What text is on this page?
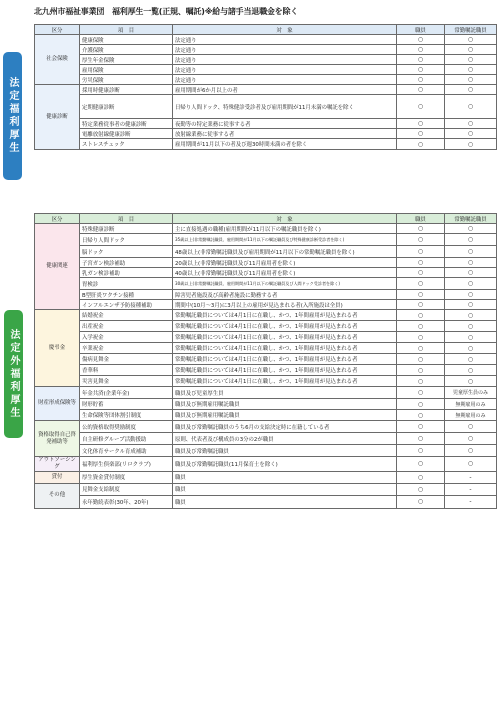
北九州市福祉事業団　福利厚生一覧(正規、嘱託)※給与諸手当退職金を除く
法定福利厚生
法定外福利厚生
区分	項　目	対　象	職員	常勤嘱託職員
社会保険	健康保険	法定通り	○	○
	介護保険	法定通り	○	○
	厚生年金保険	法定通り	○	○
	雇用保険	法定通り	○	○
	労災保険	法定通り	○	○
健康診断	採用時健康診断	雇用期間が6か月以上の者	○	○
	定期健康診断	日帰り人間ドック、特殊健診受診者及び雇用期間が11月未満の嘱託を除く	○	○
	特定業務従事者の健康診断	夜勤等の特定業務に従事する者	○	○
	電離放射線健康診断	放射線業務に従事する者	○	○
	ストレスチェック	雇用期間が11月以下の者及び週30時間未満の者を除く	○	○
区分	項　目	対　象	職員	常勤嘱託職員
健康関連	特殊健康診断	主に直接処遇の職種(雇用期間が11月以下の嘱託職員を除く)	○	○
	日帰り人間ドック	35歳以上(非常勤嘱託職員、雇用期間が11月以下の嘱託職員及び特殊健康診断受診者を除く)	○	○
	脳ドック	48歳以上(非常勤嘱託職員及び雇用期間が11月以下の常勤嘱託職員を除く)	○	○
	子宮ガン検診補助	20歳以上(非常勤嘱託職員及び11月雇用者を除く)	○	○
	乳ガン検診補助	40歳以上(非常勤嘱託職員及び11月雇用者を除く)	○	○
	胃検診	30歳以上(非常勤嘱託職員、雇用期間が11月以下の嘱託職員及び人間ドック受診者を除く)	○	○
	B型肝炎ワクチン接種	障害児者施設及び高齢者施設に勤務する者	○	○
	インフルエンザ予防接種補助	期間中(10月～3月)に3月以上の雇用が見込まれる者(入所施設は全員)	○	○
慶弔金	結婚祝金	常勤嘱託職員については4月1日に在職し、かつ、1年間雇用が見込まれる者	○	○
	出産祝金	常勤嘱託職員については4月1日に在職し、かつ、1年間雇用が見込まれる者	○	○
	入学祝金	常勤嘱託職員については4月1日に在職し、かつ、1年間雇用が見込まれる者	○	○
	卒業祝金	常勤嘱託職員については4月1日に在職し、かつ、1年間雇用が見込まれる者	○	○
	傷病見舞金	常勤嘱託職員については4月1日に在職し、かつ、1年間雇用が見込まれる者	○	○
	香華料	常勤嘱託職員については4月1日に在職し、かつ、1年間雇用が見込まれる者	○	○
	災害見舞金	常勤嘱託職員については4月1日に在職し、かつ、1年間雇用が見込まれる者	○	○
財産形成保険等	年金共済(企業年金)	職員及び児童厚生員	○	児童厚生員のみ
	財形貯蓄	職員及び無期雇用嘱託職員	○	無期雇用のみ
	生命保険等団体割引制度	職員及び無期雇用嘱託職員	○	無期雇用のみ
資格取得自己啓発補助等	公的資格取得奨励制度	職員及び常勤嘱託職員のうち6月の支給決定時に在籍している者	○	○
	自主研修グループ活動援助	原則、代表者及び構成員の3分の2が職員	○	○
	文化体育サークル育成補助	職員及び常勤嘱託職員	○	○
アウトソーシング	福利厚生倶楽部(リロクラブ)	職員及び常勤嘱託職員(11月保育士を除く)	○	○
貸付	厚生資金貸付制度	職員	○	-
その他	見舞金支給制度	職員	○	-
	永年勤続表彰(30年、20年)	職員	○	-
